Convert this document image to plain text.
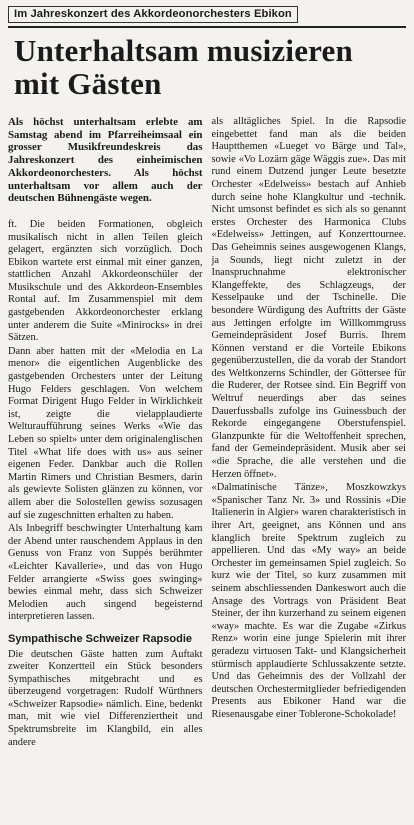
Im Jahreskonzert des Akkordeonorchesters Ebikon
Unterhaltsam musizieren
mit Gästen

Als höchst unterhaltsam erlebte am Samstag abend im Pfarreiheimsaal ein grosser Musikfreundeskreis das Jahreskonzert des einheimischen Akkordeonorchesters. Als höchst unterhaltsam vor allem auch der deutschen Bühnengäste wegen.

ft. Die beiden Formationen, obgleich musikalisch nicht in allen Teilen gleich gelagert, ergänzten sich vorzüglich. Doch Ebikon wartete erst einmal mit einer ganzen, stattlichen Anzahl Akkordeonschüler der Musikschule und des Akkordeon-Ensembles Rontal auf. Im Zusammenspiel mit dem gastgebenden Akkordeonorchester erklang unter anderem die Suite «Minirocks» in drei Sätzen.

Dann aber hatten mit der «Melodia en La menor» die eigentlichen Augenblicke des gastgebenden Orchesters unter der Leitung Hugo Felders geschlagen. Von welchem Format Dirigent Hugo Felder in Wirklichkeit ist, zeigte die vielapplaudierte Welturaufführung seines Werks «Wie das Leben so spielt» unter dem originalenglischen Titel «What life does with us» aus seiner eigenen Feder. Dankbar auch die Rollen Martin Rimers und Christian Besmers, darin als gewievte Solisten glänzen zu können, vor allem aber die Solostellen gewiss sozusagen auf sie zugeschnitten erhalten zu haben.

Als Inbegriff beschwingter Unterhaltung kam der Abend unter rauschendem Applaus in den Genuss von Franz von Suppés berühmter «Leichter Kavallerie», und das von Hugo Felder arrangierte «Swiss goes swinging» bewies einmal mehr, dass sich Schweizer Melodien auch singend begeisternd interpretieren lassen.

Sympathische Schweizer Rapsodie

Die deutschen Gäste hatten zum Auftakt zweiter Konzertteil ein Stück besonders Sympathisches mitgebracht und es überzeugend vorgetragen: Rudolf Würthners «Schweizer Rapsodie» nämlich. Eine, bedenkt man, mit wie viel Differenziertheit und Spektrumsbreite im Klangbild, ein alles andere

als alltägliches Spiel. In die Rapsodie eingebettet fand man als die beiden Hauptthemen «Lueget vo Bärge und Tal», sowie «Vo Lozärn gäge Wäggis zue». Das mit rund einem Dutzend junger Leute besetzte Orchester «Edelweiss» bestach auf Anhieb durch seine hohe Klangkultur und -technik. Nicht umsonst befindet es sich als so genannt erstes Orchester des Harmonica Clubs «Edelweiss» Jettingen, auf Konzerttournee. Das Geheimnis seines ausgewogenen Klangs, ja Sounds, liegt nicht zuletzt in der Inanspruchnahme elektronischer Klangeffekte, des Schlagzeugs, der Kesselpauke und der Tschinelle. Die besondere Würdigung des Auftritts der Gäste aus Jettingen erfolgte im Willkommgruss Gemeindepräsident Josef Burris. Ihrem Können verstand er die Vorteile Ebikons gegenüberzustellen, die da vorab der Standort des Weltkonzerns Schindler, der Göttersee für die Ruderer, der Rotsee sind. Ein Begriff von Weltruf neuerdings aber das seines Dauerfussballs zufolge ins Guinessbuch der Rekorde eingegangene Oberstufenspiel. Glanzpunkte für die Weltoffenheit sprechen, fand der Gemeindepräsident. Musik aber sei «die Sprache, die alle verstehen und die Herzen öffnet».

«Dalmatinische Tänze», Moszkowzkys «Spanischer Tanz Nr. 3» und Rossinis «Die Italienerin in Algier» waren charakteristisch in ihrer Art, geeignet, ans Können und ans klanglich breite Spektrum zugleich zu appellieren. Und das «My way» an beide Orchester im gemeinsamen Spiel zugleich. So kurz wie der Titel, so kurz zusammen mit seinem abschliessenden Dankeswort auch die Ansage des Vortrags von Präsident Beat Steiner, der ihn kurzerhand zu seinem eigenen «way» machte. Es war die Zugabe «Zirkus Renz» worin eine junge Spielerin mit ihrer geradezu virtuosen Takt- und Klangsicherheit stürmisch applaudierte Schlussakzente setzte. Und das Geheimnis des der Vollzahl der deutschen Orchestermitglieder befriedigenden Presents aus Ebikoner Hand war die Riesenausgabe einer Toblerone-Schokolade!
